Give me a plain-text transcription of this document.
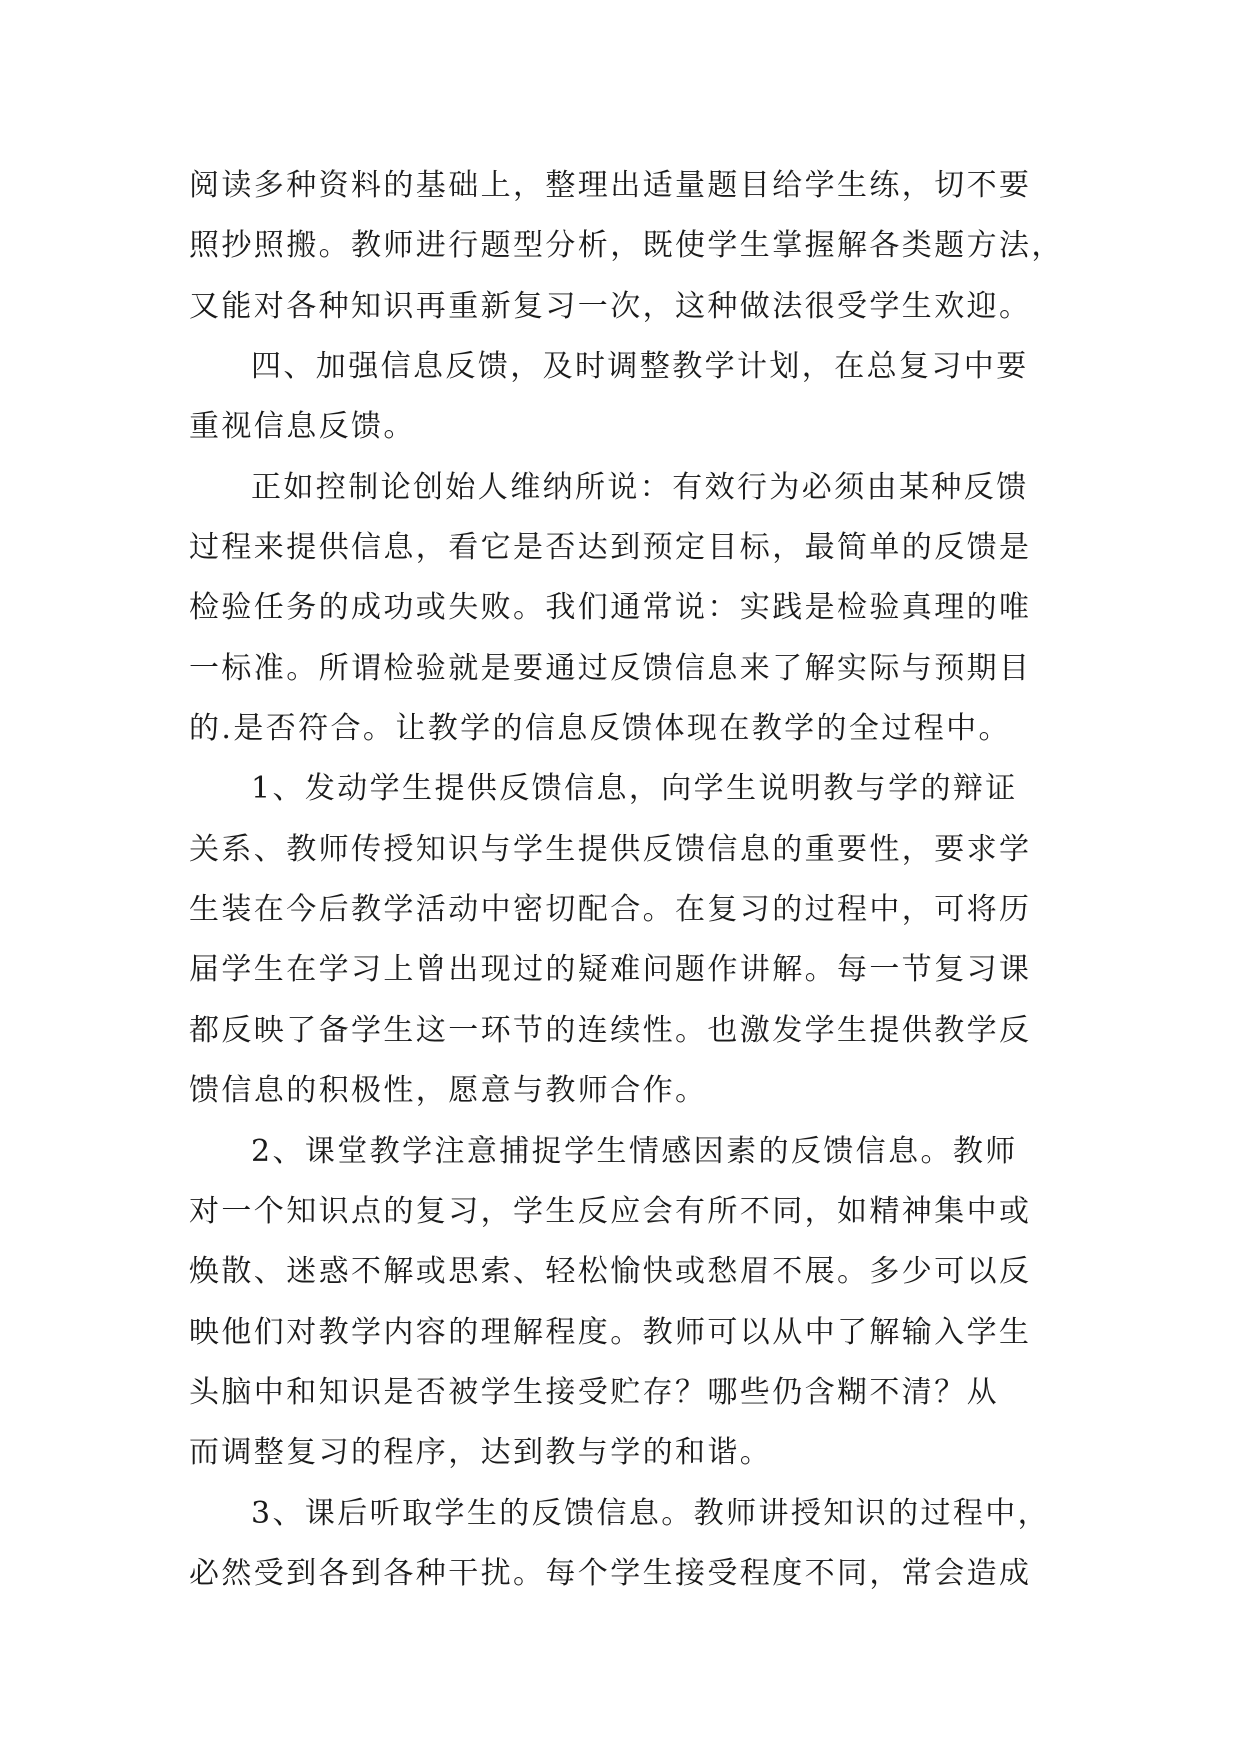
阅读多种资料的基础上，整理出适量题目给学生练，切不要
照抄照搬。教师进行题型分析，既使学生掌握解各类题方法，
又能对各种知识再重新复习一次，这种做法很受学生欢迎。
四、加强信息反馈，及时调整教学计划，在总复习中要
重视信息反馈。
正如控制论创始人维纳所说：有效行为必须由某种反馈
过程来提供信息，看它是否达到预定目标，最简单的反馈是
检验任务的成功或失败。我们通常说：实践是检验真理的唯
一标准。所谓检验就是要通过反馈信息来了解实际与预期目
的.是否符合。让教学的信息反馈体现在教学的全过程中。
1、发动学生提供反馈信息，向学生说明教与学的辩证
关系、教师传授知识与学生提供反馈信息的重要性，要求学
生装在今后教学活动中密切配合。在复习的过程中，可将历
届学生在学习上曾出现过的疑难问题作讲解。每一节复习课
都反映了备学生这一环节的连续性。也激发学生提供教学反
馈信息的积极性，愿意与教师合作。
2、课堂教学注意捕捉学生情感因素的反馈信息。教师
对一个知识点的复习，学生反应会有所不同，如精神集中或
焕散、迷惑不解或思索、轻松愉快或愁眉不展。多少可以反
映他们对教学内容的理解程度。教师可以从中了解输入学生
头脑中和知识是否被学生接受贮存？哪些仍含糊不清？从
而调整复习的程序，达到教与学的和谐。
3、课后听取学生的反馈信息。教师讲授知识的过程中，
必然受到各到各种干扰。每个学生接受程度不同，常会造成
